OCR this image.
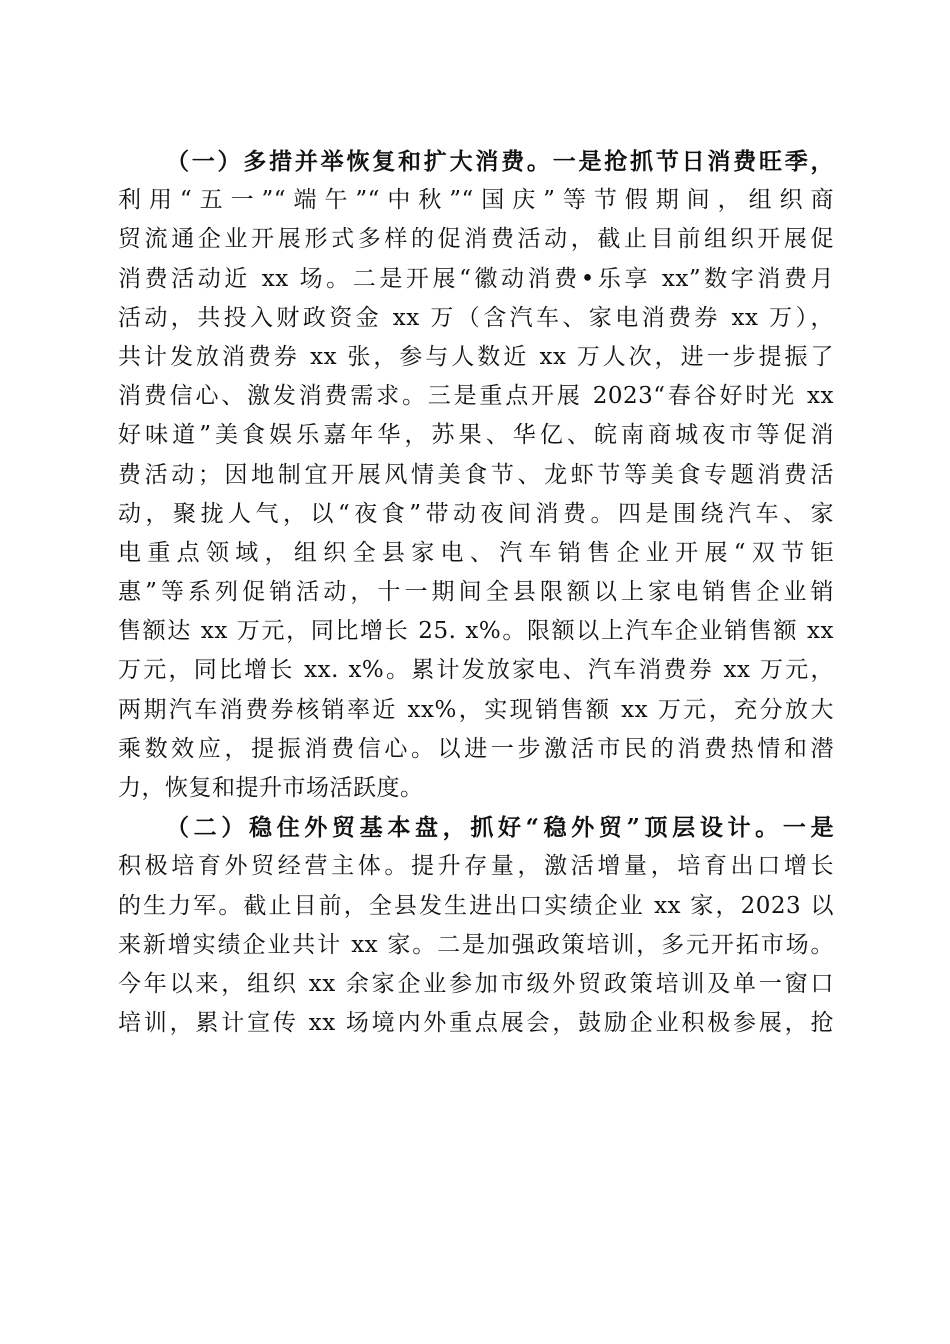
（一）多措并举恢复和扩大消费。一是抢抓节日消费旺季，
利用“五一”“端午”“中秋”“国庆”等节假期间，组织商
贸流通企业开展形式多样的促消费活动，截止目前组织开展促
消费活动近 xx 场。二是开展“徽动消费•乐享 xx”数字消费月
活动，共投入财政资金 xx 万（含汽车、家电消费券 xx 万），
共计发放消费券 xx 张，参与人数近 xx 万人次，进一步提振了
消费信心、激发消费需求。三是重点开展 2023“春谷好时光 xx
好味道”美食娱乐嘉年华，苏果、华亿、皖南商城夜市等促消
费活动；因地制宜开展风情美食节、龙虾节等美食专题消费活
动，聚拢人气，以“夜食”带动夜间消费。四是围绕汽车、家
电重点领域，组织全县家电、汽车销售企业开展“双节钜
惠”等系列促销活动，十一期间全县限额以上家电销售企业销
售额达 xx 万元，同比增长 25. x%。限额以上汽车企业销售额 xx
万元，同比增长 xx. x%。累计发放家电、汽车消费券 xx 万元，
两期汽车消费券核销率近 xx%，实现销售额 xx 万元，充分放大
乘数效应，提振消费信心。以进一步激活市民的消费热情和潜
力，恢复和提升市场活跃度。
（二）稳住外贸基本盘，抓好“稳外贸”顶层设计。一是
积极培育外贸经营主体。提升存量，激活增量，培育出口增长
的生力军。截止目前，全县发生进出口实绩企业 xx 家，2023 以
来新增实绩企业共计 xx 家。二是加强政策培训，多元开拓市场。
今年以来，组织 xx 余家企业参加市级外贸政策培训及单一窗口
培训，累计宣传 xx 场境内外重点展会，鼓励企业积极参展，抢
